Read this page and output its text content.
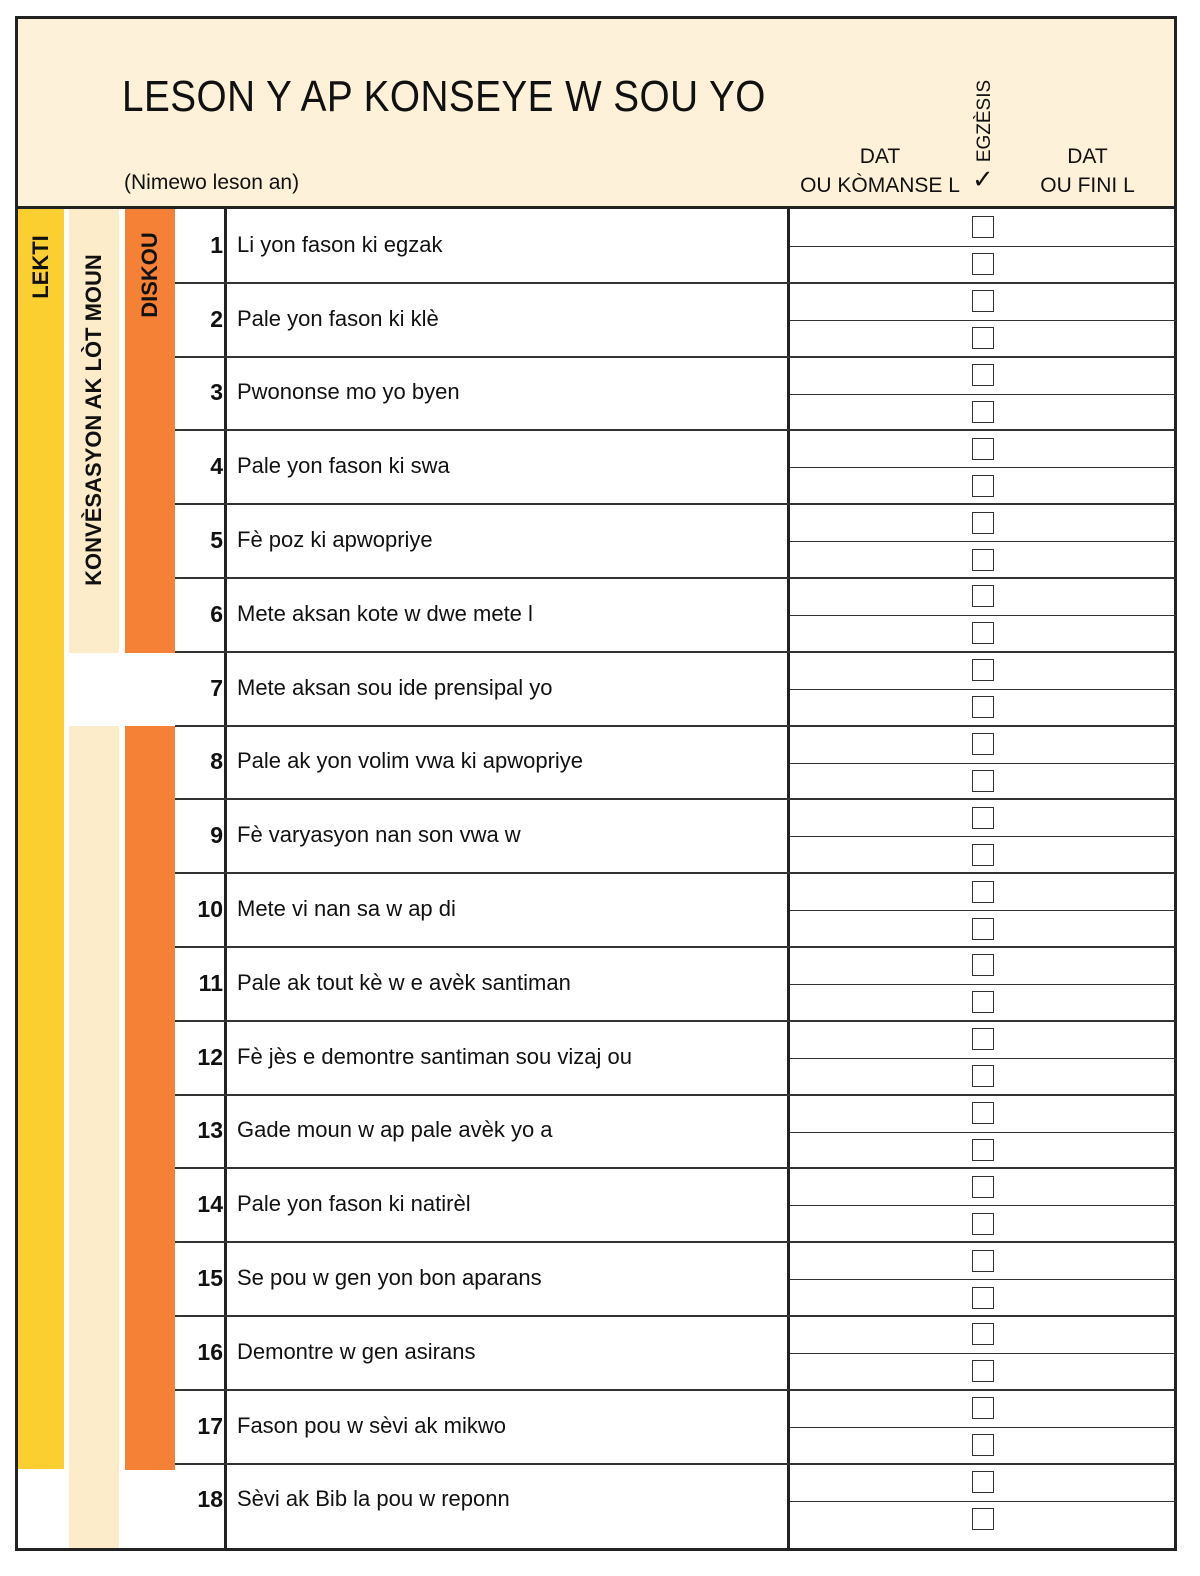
LESON Y AP KONSEYE W SOU YO
(Nimewo leson an)
DAT
OU KÒMANSE L
EGZÈSIS
✓
DAT
OU FINI L
LEKTI KONVÈSASYON AK LÒT MOUN DISKOU	1 Li yon fason ki egzak
2 Pale yon fason ki klè
3 Pwononse mo yo byen
4 Pale yon fason ki swa
5 Fè poz ki apwopriye
6 Mete aksan kote w dwe mete l
7 Mete aksan sou ide prensipal yo
8 Pale ak yon volim vwa ki apwopriye
9 Fè varyasyon nan son vwa w
10 Mete vi nan sa w ap di
11 Pale ak tout kè w e avèk santiman
12 Fè jès e demontre santiman sou vizaj ou
13 Gade moun w ap pale avèk yo a
14 Pale yon fason ki natirèl
15 Se pou w gen yon bon aparans
16 Demontre w gen asirans
17 Fason pou w sèvi ak mikwo
18 Sèvi ak Bib la pou w reponn
